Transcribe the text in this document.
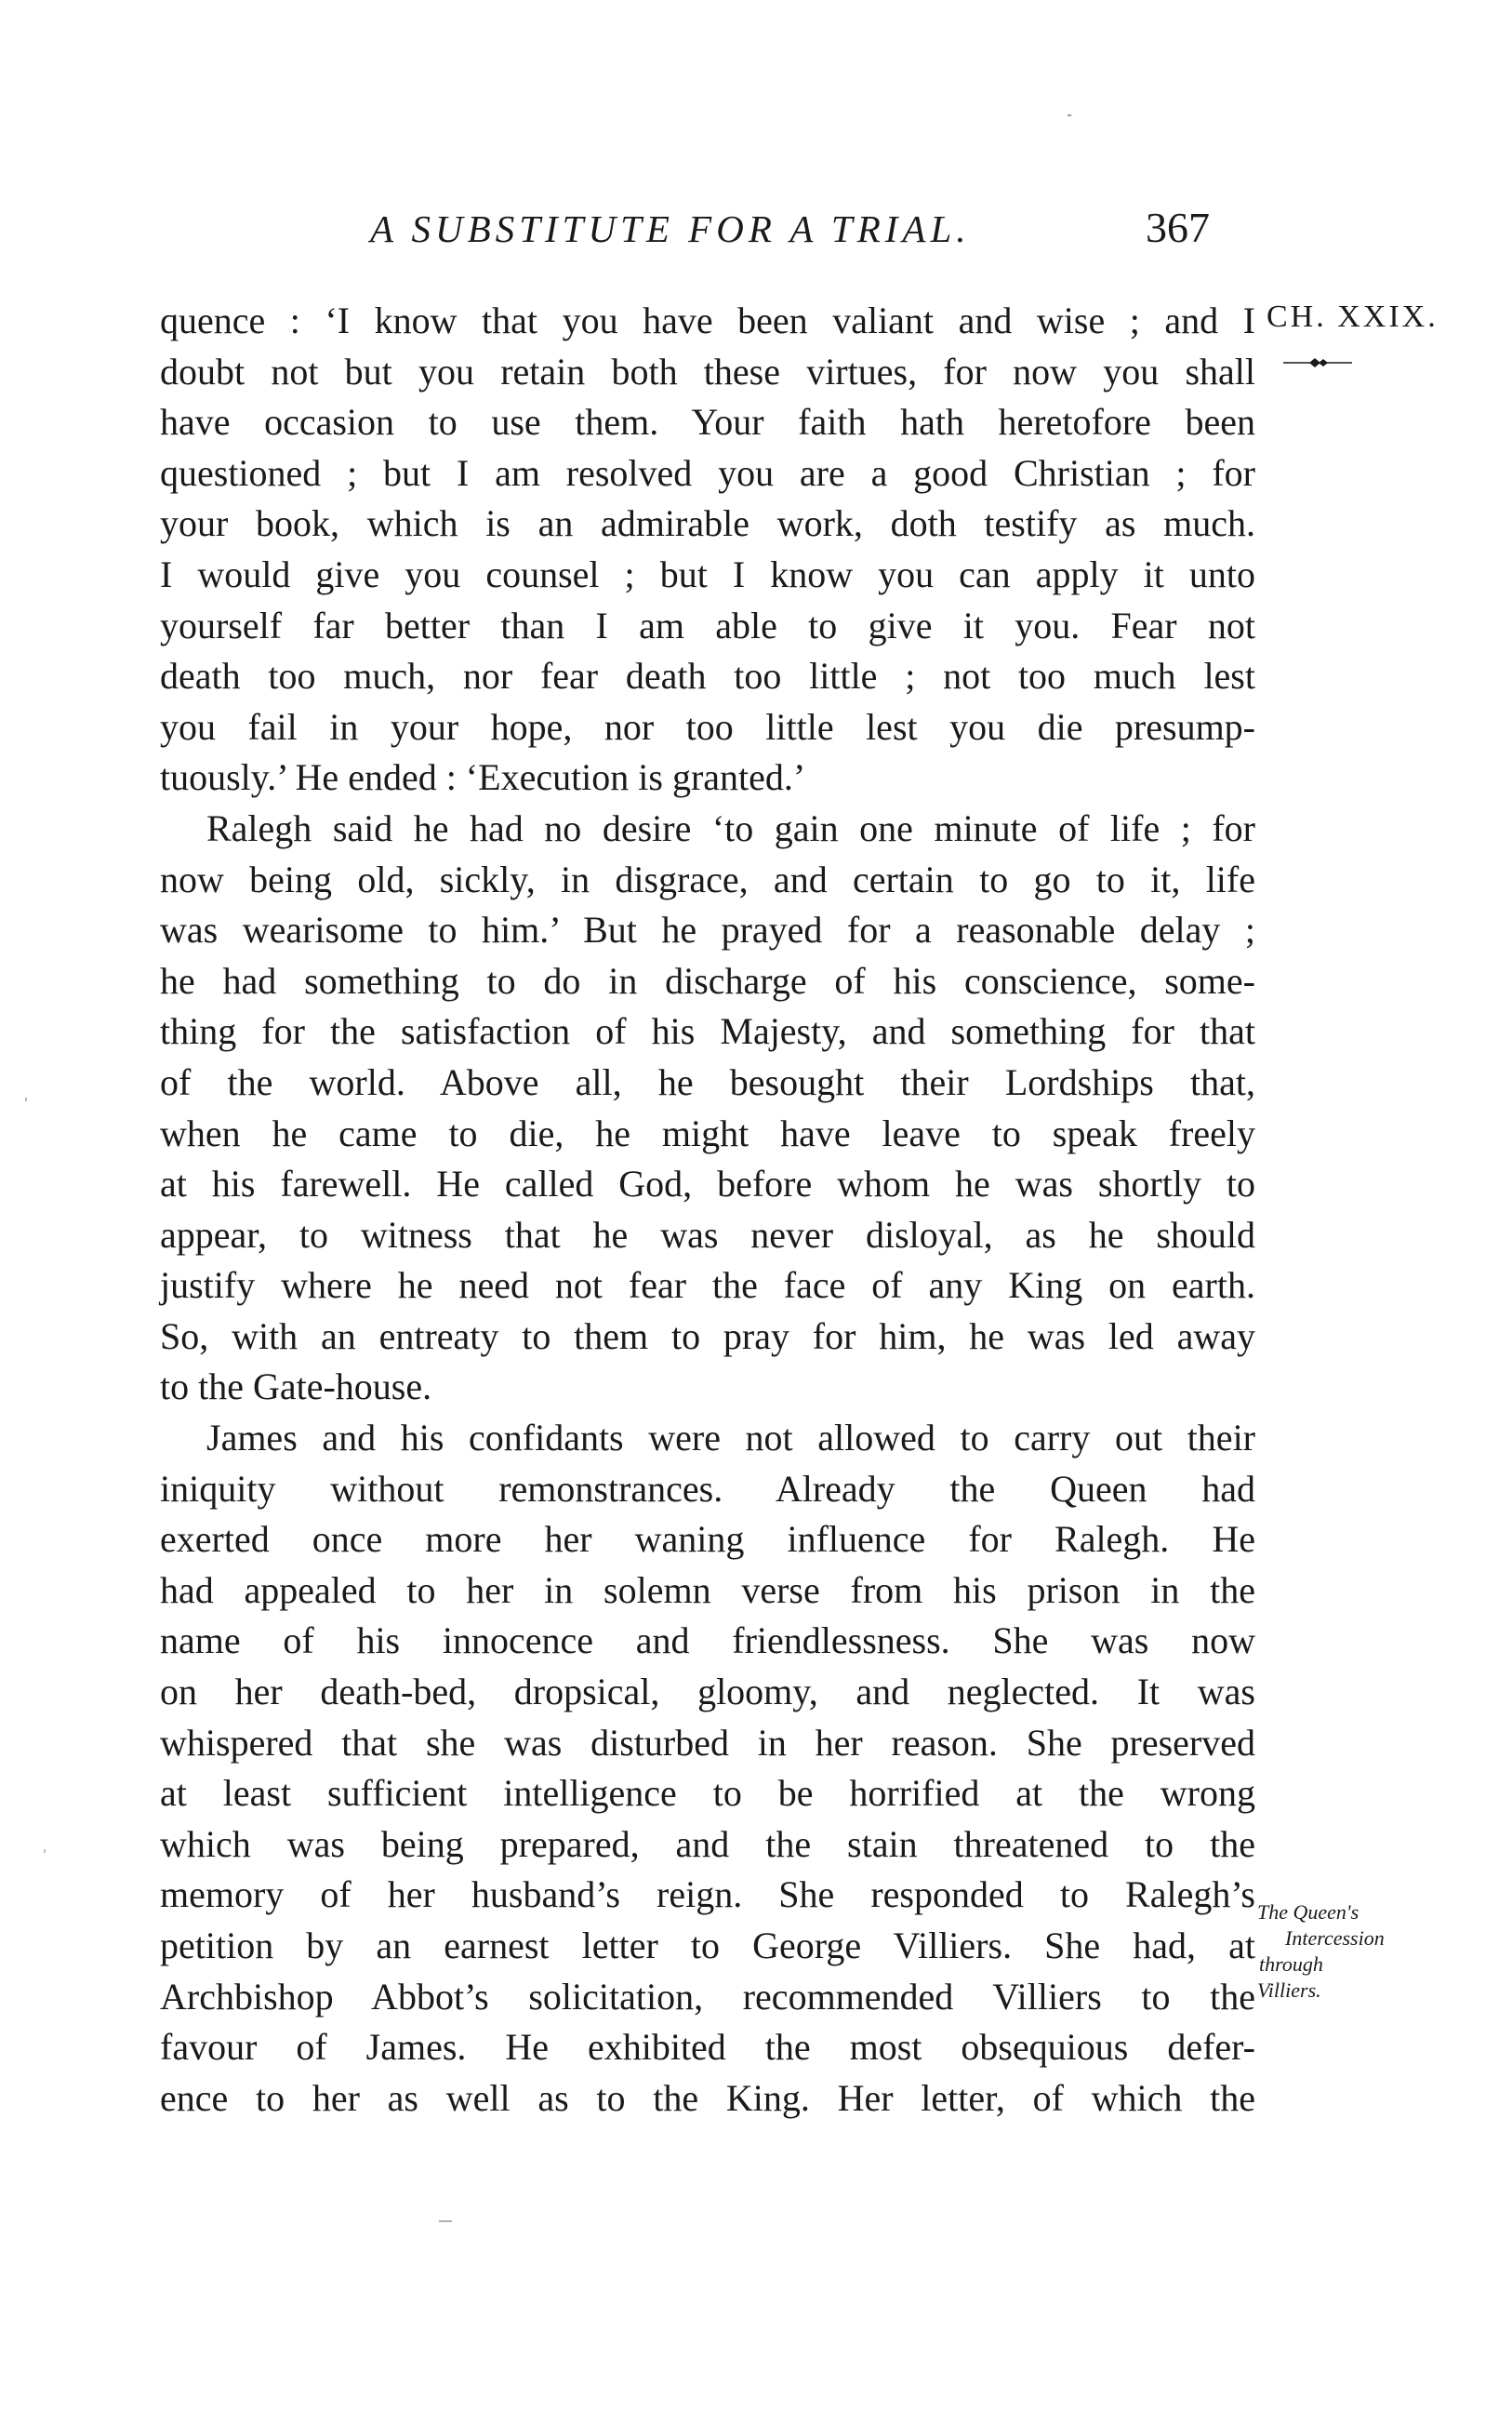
A SUBSTITUTE FOR A TRIAL.	367
CH. XXIX.
quence : ‘I know that you have been valiant and wise ; and I
doubt not but you retain both these virtues, for now you shall
have occasion to use them. Your faith hath heretofore been
questioned ; but I am resolved you are a good Christian ; for
your book, which is an admirable work, doth testify as much.
I would give you counsel ; but I know you can apply it unto
yourself far better than I am able to give it you. Fear not
death too much, nor fear death too little ; not too much lest
you fail in your hope, nor too little lest you die presump-
tuously.’ He ended : ‘Execution is granted.’
Ralegh said he had no desire ‘to gain one minute of life ; for
now being old, sickly, in disgrace, and certain to go to it, life
was wearisome to him.’ But he prayed for a reasonable delay ;
he had something to do in discharge of his conscience, some-
thing for the satisfaction of his Majesty, and something for that
of the world. Above all, he besought their Lordships that,
when he came to die, he might have leave to speak freely
at his farewell. He called God, before whom he was shortly to
appear, to witness that he was never disloyal, as he should
justify where he need not fear the face of any King on earth.
So, with an entreaty to them to pray for him, he was led away
to the Gate-house.
James and his confidants were not allowed to carry out their
iniquity without remonstrances. Already the Queen had
exerted once more her waning influence for Ralegh. He
had appealed to her in solemn verse from his prison in the
name of his innocence and friendlessness. She was now
on her death-bed, dropsical, gloomy, and neglected. It was
whispered that she was disturbed in her reason. She preserved
at least sufficient intelligence to be horrified at the wrong
which was being prepared, and the stain threatened to the
memory of her husband’s reign. She responded to Ralegh’s
petition by an earnest letter to George Villiers. She had, at
Archbishop Abbot’s solicitation, recommended Villiers to the
favour of James. He exhibited the most obsequious defer-
ence to her as well as to the King. Her letter, of which the
The Queen's
Intercession
through
Villiers.
